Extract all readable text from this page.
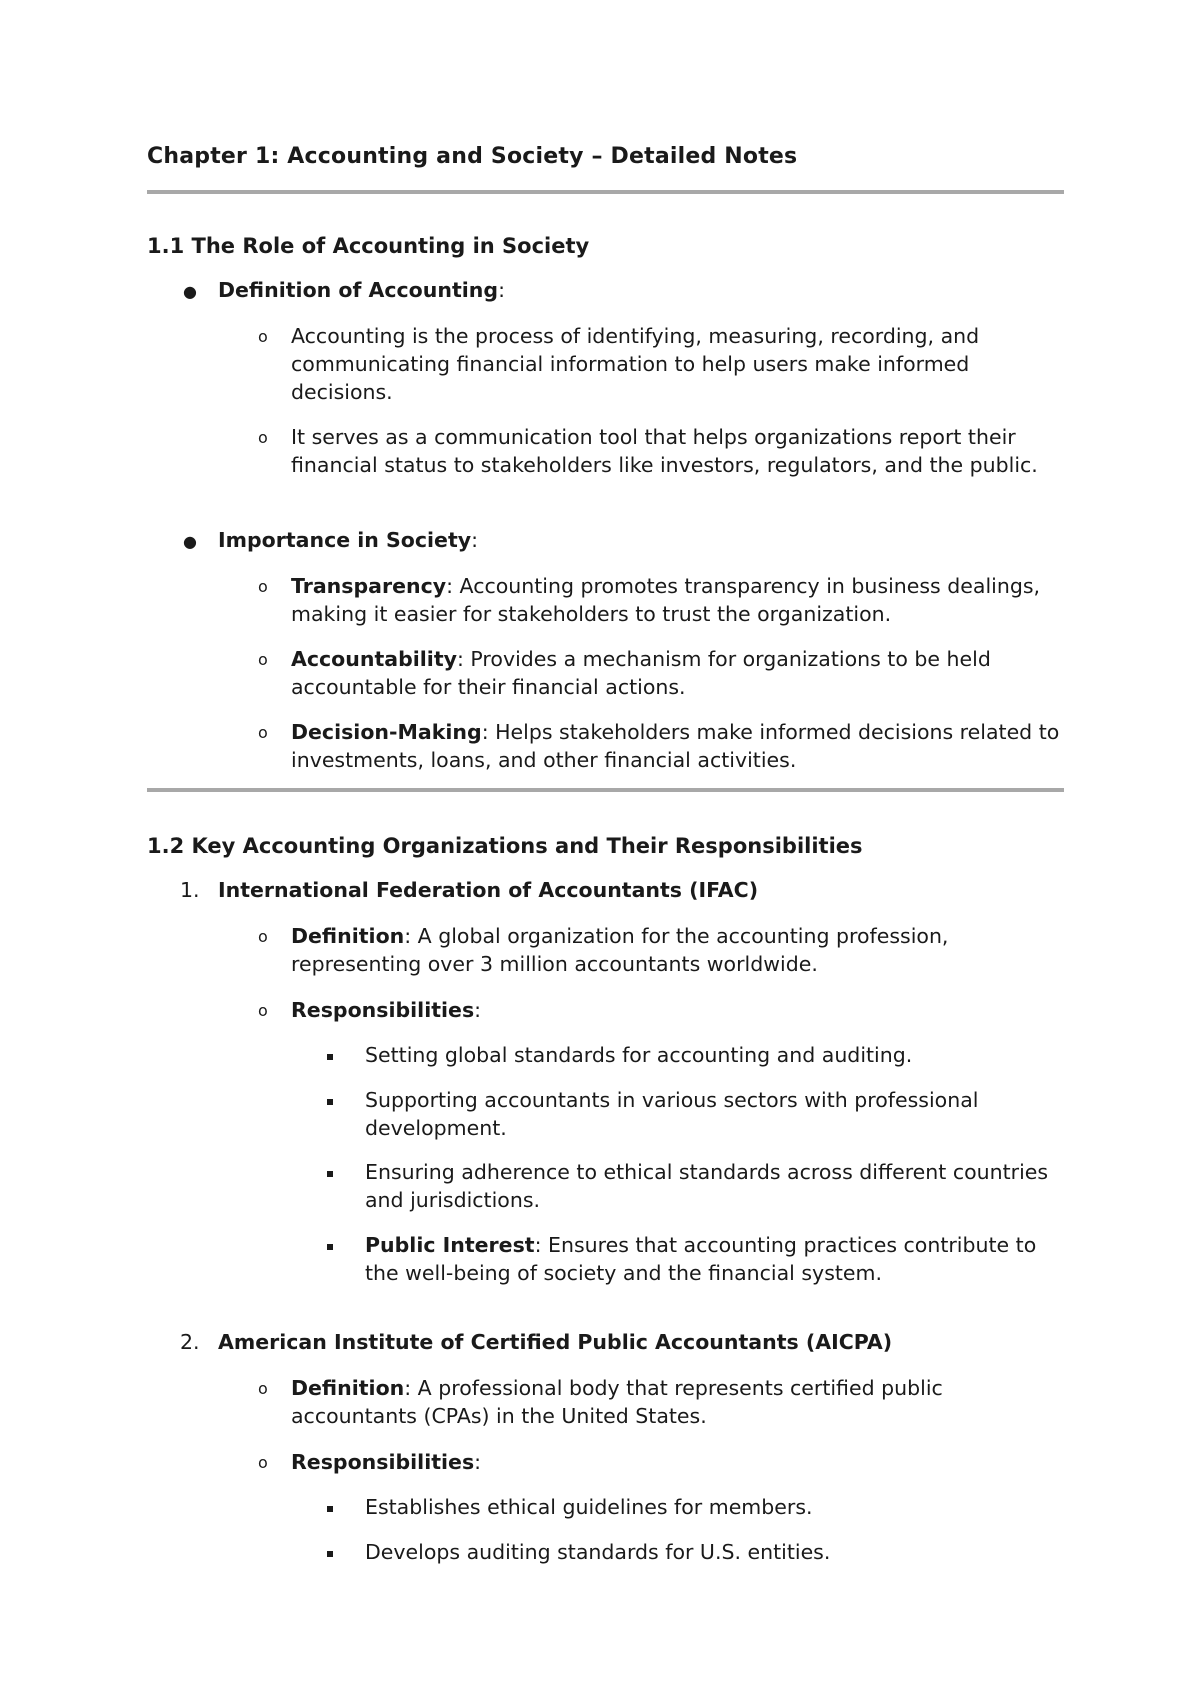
Chapter 1: Accounting and Society – Detailed Notes
1.1 The Role of Accounting in Society
● Definition of Accounting:
o Accounting is the process of identifying, measuring, recording, and communicating financial information to help users make informed decisions.
o It serves as a communication tool that helps organizations report their financial status to stakeholders like investors, regulators, and the public.
● Importance in Society:
o Transparency: Accounting promotes transparency in business dealings, making it easier for stakeholders to trust the organization.
o Accountability: Provides a mechanism for organizations to be held accountable for their financial actions.
o Decision-Making: Helps stakeholders make informed decisions related to investments, loans, and other financial activities.
1.2 Key Accounting Organizations and Their Responsibilities
1. International Federation of Accountants (IFAC)
o Definition: A global organization for the accounting profession, representing over 3 million accountants worldwide.
o Responsibilities:
Setting global standards for accounting and auditing.
Supporting accountants in various sectors with professional development.
Ensuring adherence to ethical standards across different countries and jurisdictions.
Public Interest: Ensures that accounting practices contribute to the well-being of society and the financial system.
2. American Institute of Certified Public Accountants (AICPA)
o Definition: A professional body that represents certified public accountants (CPAs) in the United States.
o Responsibilities:
Establishes ethical guidelines for members.
Develops auditing standards for U.S. entities.
